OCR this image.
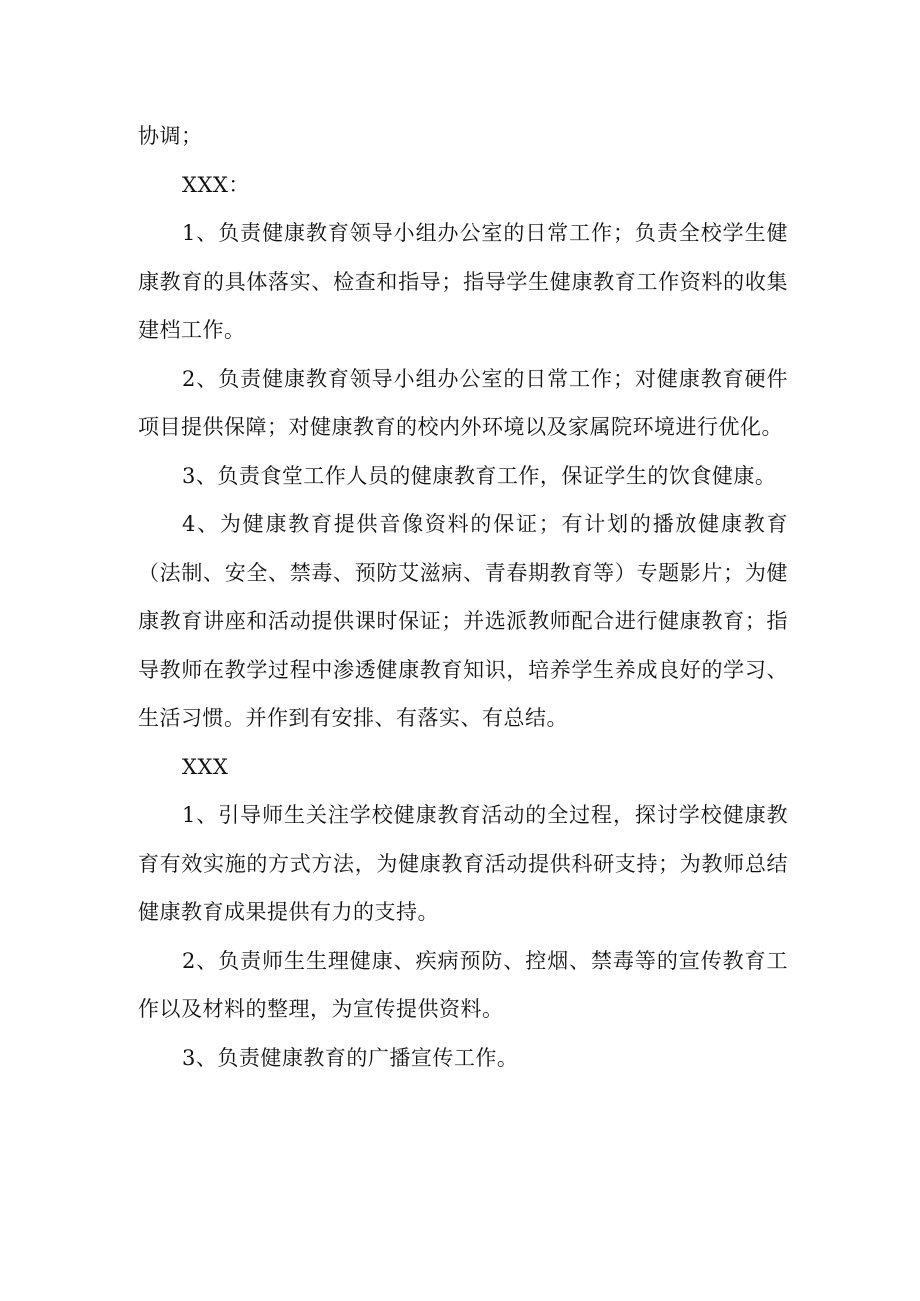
协调；

XXX：

1、负责健康教育领导小组办公室的日常工作；负责全校学生健康教育的具体落实、检查和指导；指导学生健康教育工作资料的收集建档工作。

2、负责健康教育领导小组办公室的日常工作；对健康教育硬件项目提供保障；对健康教育的校内外环境以及家属院环境进行优化。

3、负责食堂工作人员的健康教育工作，保证学生的饮食健康。

4、为健康教育提供音像资料的保证；有计划的播放健康教育（法制、安全、禁毒、预防艾滋病、青春期教育等）专题影片；为健康教育讲座和活动提供课时保证；并选派教师配合进行健康教育；指导教师在教学过程中渗透健康教育知识，培养学生养成良好的学习、生活习惯。并作到有安排、有落实、有总结。

XXX

1、引导师生关注学校健康教育活动的全过程，探讨学校健康教育有效实施的方式方法，为健康教育活动提供科研支持；为教师总结健康教育成果提供有力的支持。

2、负责师生生理健康、疾病预防、控烟、禁毒等的宣传教育工作以及材料的整理，为宣传提供资料。

3、负责健康教育的广播宣传工作。
